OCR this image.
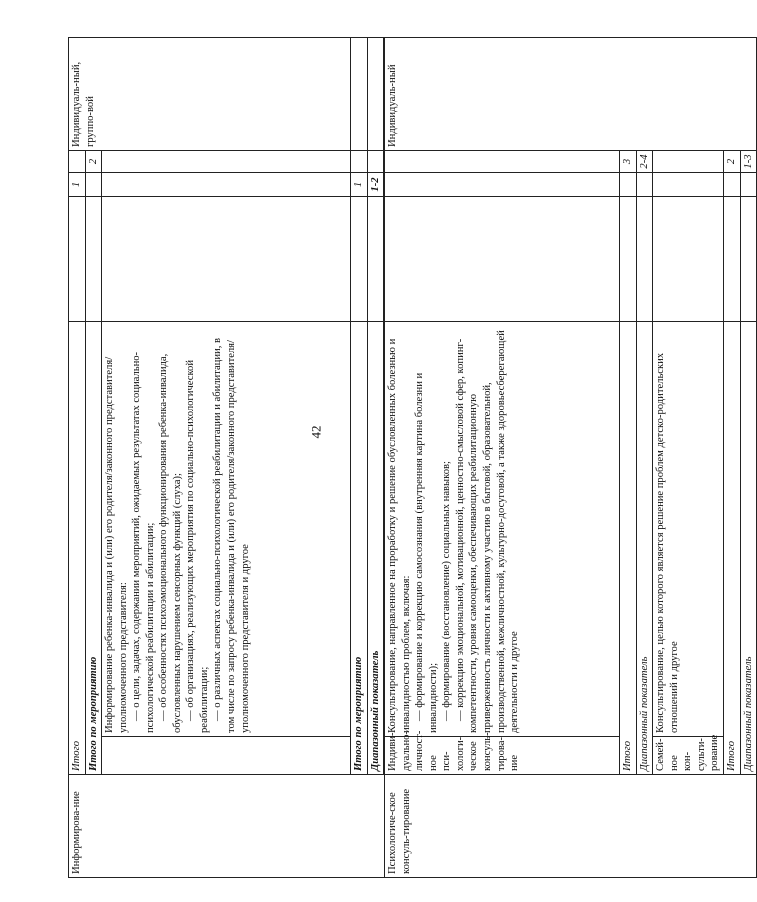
42
Информирова-ние	Итого			1		Индивидуаль-ный, группо-вой
	Итого по мероприятию				2	

		Информирование ребенка-инвалида и (или) его родителя/законного представителя/уполномоченного представителя: — о цели, задачах, содержании мероприятий, ожидаемых результатах социально-психологической реабилитации и абилитации; — об особенностях психоэмоционального функционирования ребенка-инвалида, обусловленных нарушением сенсорных функций (слуха); — об организациях, реализующих мероприятия по социально-психологической реабилитации; — о различных аспектах социально-психологической реабилитации и абилитации, в том числе по запросу ребенка-инвалида и (или) его родителя/законного представителя/уполномоченного представителя и другое				

	Итого по мероприятию			1		
	Диапазонный показатель			1-2		

Психологиче-ское консуль-тирование	Индиви-дуально-личност-ное пси-хологи-ческое консуль-тирова-ние	Консультирование, направленное на проработку и решение обусловленных болезнью и инвалидностью проблем, включая: — формирование и коррекцию самосознания (внутренняя картина болезни и инвалидности); — формирование (восстановление) социальных навыков; — коррекцию эмоциональной, мотивационной, ценностно-смысловой сфер, копинг-компетентности, уровня самооценки, обеспечивающих реабилитационную приверженность личности к активному участию в бытовой, образовательной, производственной, межличностной, культурно-досуговой, а также здоровьесберегающей деятельности и другое				Индивидуаль-ный
	Итого				3	
	Диапазонный показатель				2-4	
	Семей-ное кон-сульти-рование	Консультирование, целью которого является решение проблем детско-родительских отношений и другое				
	Итого				2	
	Диапазонный показатель				1-3	
